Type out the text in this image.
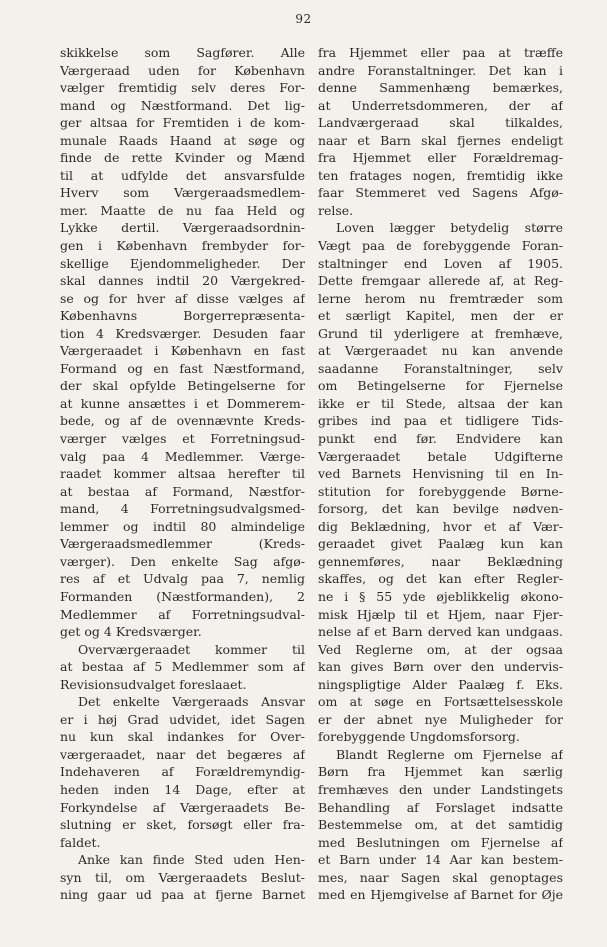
92
skikkelse som Sagfører. Alle
Værgeraad uden for København
vælger fremtidig selv deres For-
mand og Næstformand. Det lig-
ger altsaa for Fremtiden i de kom-
munale Raads Haand at søge og
finde de rette Kvinder og Mænd
til at udfylde det ansvarsfulde
Hverv som Værgeraadsmedlem-
mer. Maatte de nu faa Held og
Lykke dertil. Værgeraadsordnin-
gen i København frembyder for-
skellige Ejendommeligheder. Der
skal dannes indtil 20 Værgekred-
se og for hver af disse vælges af
Københavns Borgerrepræsenta-
tion 4 Kredsværger. Desuden faar
Værgeraadet i København en fast
Formand og en fast Næstformand,
der skal opfylde Betingelserne for
at kunne ansættes i et Dommerem-
bede, og af de ovennævnte Kreds-
værger vælges et Forretningsud-
valg paa 4 Medlemmer. Værge-
raadet kommer altsaa herefter til
at bestaa af Formand, Næstfor-
mand, 4 Forretningsudvalgsmed-
lemmer og indtil 80 almindelige
Værgeraadsmedlemmer (Kreds-
værger). Den enkelte Sag afgø-
res af et Udvalg paa 7, nemlig
Formanden (Næstformanden), 2
Medlemmer af Forretningsudval-
get og 4 Kredsværger.
Overværgeraadet kommer til
at bestaa af 5 Medlemmer som af
Revisionsudvalget foreslaaet.
Det enkelte Værgeraads Ansvar
er i høj Grad udvidet, idet Sagen
nu kun skal indankes for Over-
værgeraadet, naar det begæres af
Indehaveren af Forældremyndig-
heden inden 14 Dage, efter at
Forkyndelse af Værgeraadets Be-
slutning er sket, forsøgt eller fra-
faldet.
Anke kan finde Sted uden Hen-
syn til, om Værgeraadets Beslut-
ning gaar ud paa at fjerne Barnet
fra Hjemmet eller paa at træffe
andre Foranstaltninger. Det kan i
denne Sammenhæng bemærkes,
at Underretsdommeren, der af
Landværgeraad skal tilkaldes,
naar et Barn skal fjernes endeligt
fra Hjemmet eller Forældremag-
ten fratages nogen, fremtidig ikke
faar Stemmeret ved Sagens Afgø-
relse.
Loven lægger betydelig større
Vægt paa de forebyggende Foran-
staltninger end Loven af 1905.
Dette fremgaar allerede af, at Reg-
lerne herom nu fremtræder som
et særligt Kapitel, men der er
Grund til yderligere at fremhæve,
at Værgeraadet nu kan anvende
saadanne Foranstaltninger, selv
om Betingelserne for Fjernelse
ikke er til Stede, altsaa der kan
gribes ind paa et tidligere Tids-
punkt end før. Endvidere kan
Værgeraadet betale Udgifterne
ved Barnets Henvisning til en In-
stitution for forebyggende Børne-
forsorg, det kan bevilge nødven-
dig Beklædning, hvor et af Vær-
geraadet givet Paalæg kun kan
gennemføres, naar Beklædning
skaffes, og det kan efter Regler-
ne i § 55 yde øjeblikkelig økono-
misk Hjælp til et Hjem, naar Fjer-
nelse af et Barn derved kan undgaas.
Ved Reglerne om, at der ogsaa
kan gives Børn over den undervis-
ningspligtige Alder Paalæg f. Eks.
om at søge en Fortsættelsesskole
er der abnet nye Muligheder for
forebyggende Ungdomsforsorg.
Blandt Reglerne om Fjernelse af
Børn fra Hjemmet kan særlig
fremhæves den under Landstingets
Behandling af Forslaget indsatte
Bestemmelse om, at det samtidig
med Beslutningen om Fjernelse af
et Barn under 14 Aar kan bestem-
mes, naar Sagen skal genoptages
med en Hjemgivelse af Barnet for Øje
